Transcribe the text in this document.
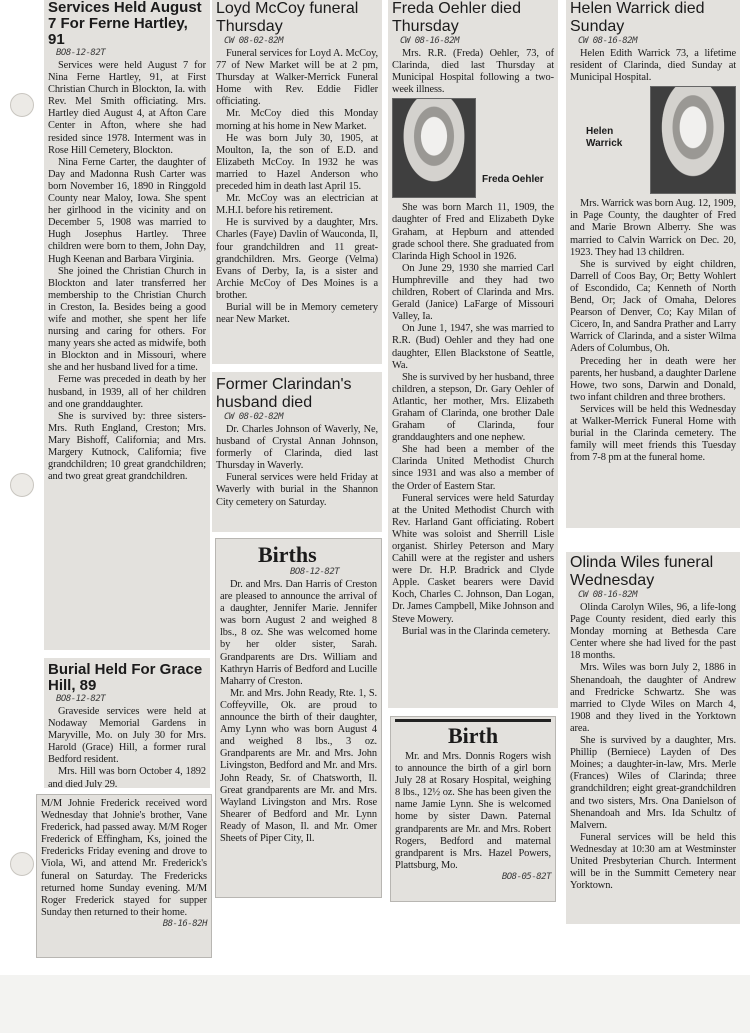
Services Held August 7 For Ferne Hartley, 91
BO8-12-82T

Services were held August 7 for Nina Ferne Hartley, 91, at First Christian Church in Blockton, Ia. with Rev. Mel Smith officiating. Mrs. Hartley died August 4, at Afton Care Center in Afton, where she had resided since 1978. Interment was in Rose Hill Cemetery, Blockton.

Nina Ferne Carter, the daughter of Day and Madonna Rush Carter was born November 16, 1890 in Ringgold County near Maloy, Iowa. She spent her girlhood in the vicinity and on December 5, 1908 was married to Hugh Josephus Hartley. Three children were born to them, John Day, Hugh Keenan and Barbara Virginia.

She joined the Christian Church in Blockton and later transferred her membership to the Christian Church in Creston, Ia. Besides being a good wife and mother, she spent her life nursing and caring for others. For many years she acted as midwife, both in Blockton and in Missouri, where she and her husband lived for a time.

Ferne was preceded in death by her husband, in 1939, all of her children and one granddaughter.

She is survived by: three sisters-Mrs. Ruth England, Creston; Mrs. Mary Bishoff, California; and Mrs. Margery Kutnock, California; five grandchildren; 10 great grandchildren; and two great great grandchildren.

Burial Held For Grace Hill, 89
BO8-12-82T

Graveside services were held at Nodaway Memorial Gardens in Maryville, Mo. on July 30 for Mrs. Harold (Grace) Hill, a former rural Bedford resident.

Mrs. Hill was born October 4, 1892 and died July 29.

M/M Johnie Frederick received word Wednesday that Johnie's brother, Vane Frederick, had passed away. M/M Roger Frederick of Effingham, Ks, joined the Fredericks Friday evening and drove to Viola, Wi, and attend Mr. Frederick's funeral on Saturday. The Fredericks returned home Sunday evening. M/M Roger Frederick stayed for supper Sunday then returned to their home.

B8-16-82H
Loyd McCoy funeral Thursday
CW 08-02-82M

Funeral services for Loyd A. McCoy, 77 of New Market will be at 2 pm, Thursday at Walker-Merrick Funeral Home with Rev. Eddie Fidler officiating.

Mr. McCoy died this Monday morning at his home in New Market.

He was born July 30, 1905, at Moulton, Ia, the son of E.D. and Elizabeth McCoy. In 1932 he was married to Hazel Anderson who preceded him in death last April 15.

Mr. McCoy was an electrician at M.H.I. before his retirement.

He is survived by a daughter, Mrs. Charles (Faye) Davlin of Wauconda, Il, four grandchildren and 11 great-grandchildren. Mrs. George (Velma) Evans of Derby, Ia, is a sister and Archie McCoy of Des Moines is a brother.

Burial will be in Memory cemetery near New Market.

Former Clarindan's husband died
CW 08-02-82M

Dr. Charles Johnson of Waverly, Ne, husband of Crystal Annan Johnson, formerly of Clarinda, died last Thursday in Waverly.

Funeral services were held Friday at Waverly with burial in the Shannon City cemetery on Saturday.

Births
BO8-12-82T

Dr. and Mrs. Dan Harris of Creston are pleased to announce the arrival of a daughter, Jennifer Marie. Jennifer was born August 2 and weighed 8 lbs., 8 oz. She was welcomed home by her older sister, Sarah. Grandparents are Drs. William and Kathryn Harris of Bedford and Lucille Maharry of Creston.

Mr. and Mrs. John Ready, Rte. 1, S. Coffeyville, Ok. are proud to announce the birth of their daughter, Amy Lynn who was born August 4 and weighed 8 lbs., 3 oz. Grandparents are Mr. and Mrs. John Livingston, Bedford and Mr. and Mrs. John Ready, Sr. of Chatsworth, Il. Great grandparents are Mr. and Mrs. Wayland Livingston and Mrs. Rose Shearer of Bedford and Mr. Lynn Ready of Mason, Il. and Mr. Omer Sheets of Piper City, Il.

Freda Oehler died Thursday
CW 08-16-82M

Mrs. R.R. (Freda) Oehler, 73, of Clarinda, died last Thursday at Municipal Hospital following a two-week illness.

Freda Oehler

She was born March 11, 1909, the daughter of Fred and Elizabeth Dyke Graham, at Hepburn and attended grade school there. She graduated from Clarinda High School in 1926.

On June 29, 1930 she married Carl Humphreville and they had two children, Robert of Clarinda and Mrs. Gerald (Janice) LaFarge of Missouri Valley, Ia.

On June 1, 1947, she was married to R.R. (Bud) Oehler and they had one daughter, Ellen Blackstone of Seattle, Wa.

She is survived by her husband, three children, a stepson, Dr. Gary Oehler of Atlantic, her mother, Mrs. Elizabeth Graham of Clarinda, one brother Dale Graham of Clarinda, four granddaughters and one nephew.

She had been a member of the Clarinda United Methodist Church since 1931 and was also a member of the Order of Eastern Star.

Funeral services were held Saturday at the United Methodist Church with Rev. Harland Gant officiating. Robert White was soloist and Sherrill Lisle organist. Shirley Peterson and Mary Cahill were at the register and ushers were Dr. H.P. Bradrick and Clyde Apple. Casket bearers were David Koch, Charles C. Johnson, Dan Logan, Dr. James Campbell, Mike Johnson and Steve Mowery.

Burial was in the Clarinda cemetery.

Birth

Mr. and Mrs. Donnis Rogers wish to announce the birth of a girl born July 28 at Rosary Hospital, weighing 8 lbs., 12½ oz. She has been given the name Jamie Lynn. She is welcomed home by sister Dawn. Paternal grandparents are Mr. and Mrs. Robert Rogers, Bedford and maternal grandparent is Mrs. Hazel Powers, Plattsburg, Mo.

BO8-05-82T
Helen Warrick died Sunday
CW 08-16-82M

Helen Edith Warrick 73, a lifetime resident of Clarinda, died Sunday at Municipal Hospital.

Helen Warrick

Mrs. Warrick was born Aug. 12, 1909, in Page County, the daughter of Fred and Marie Brown Alberry. She was married to Calvin Warrick on Dec. 20, 1923. They had 13 children.

She is survived by eight children, Darrell of Coos Bay, Or; Betty Wohlert of Escondido, Ca; Kenneth of North Bend, Or; Jack of Omaha, Delores Pearson of Denver, Co; Kay Milan of Cicero, In, and Sandra Prather and Larry Warrick of Clarinda, and a sister Wilma Aders of Columbus, Oh.

Preceding her in death were her parents, her husband, a daughter Darlene Howe, two sons, Darwin and Donald, two infant children and three brothers.

Services will be held this Wednesday at Walker-Merrick Funeral Home with burial in the Clarinda cemetery. The family will meet friends this Tuesday from 7-8 pm at the funeral home.

Olinda Wiles funeral Wednesday
CW 08-16-82M

Olinda Carolyn Wiles, 96, a life-long Page County resident, died early this Monday morning at Bethesda Care Center where she had lived for the past 18 months.

Mrs. Wiles was born July 2, 1886 in Shenandoah, the daughter of Andrew and Fredricke Schwartz. She was married to Clyde Wiles on March 4, 1908 and they lived in the Yorktown area.

She is survived by a daughter, Mrs. Phillip (Berniece) Layden of Des Moines; a daughter-in-law, Mrs. Merle (Frances) Wiles of Clarinda; three grandchildren; eight great-grandchildren and two sisters, Mrs. Ona Danielson of Shenandoah and Mrs. Ida Schultz of Malvern.

Funeral services will be held this Wednesday at 10:30 am at Westminster United Presbyterian Church. Interment will be in the Summitt Cemetery near Yorktown.
